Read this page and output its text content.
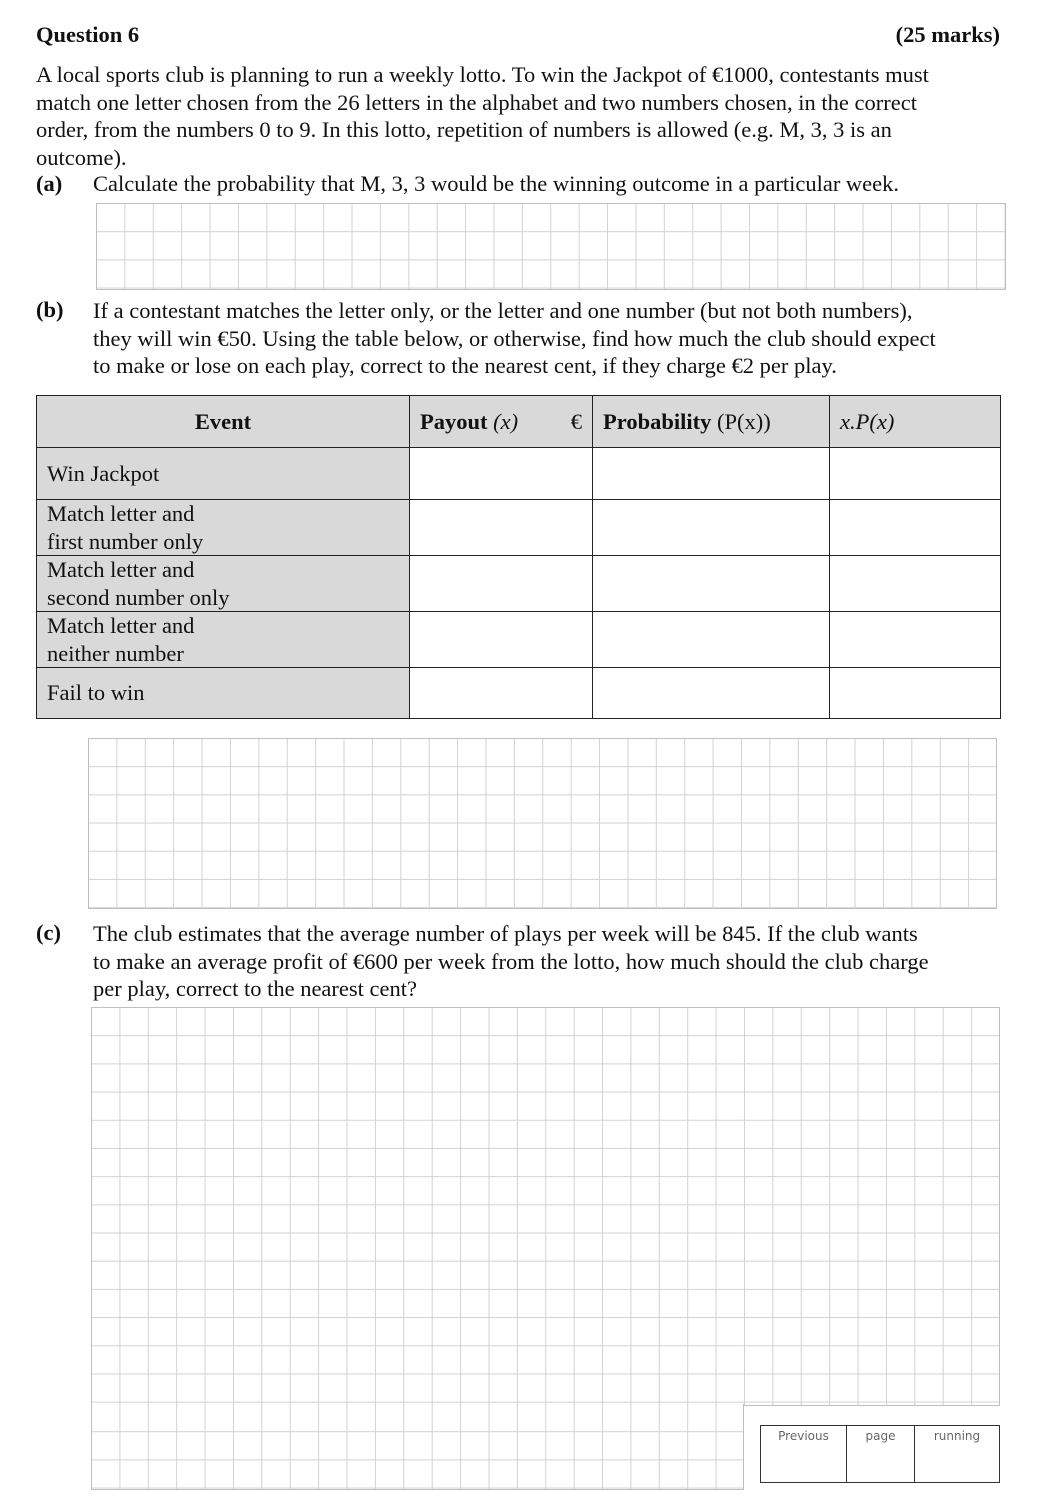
Question 6	(25 marks)
A local sports club is planning to run a weekly lotto. To win the Jackpot of €1000, contestants must
match one letter chosen from the 26 letters in the alphabet and two numbers chosen, in the correct
order, from the numbers 0 to 9. In this lotto, repetition of numbers is allowed (e.g. M, 3, 3 is an
outcome).
(a) Calculate the probability that M, 3, 3 would be the winning outcome in a particular week.
(b) If a contestant matches the letter only, or the letter and one number (but not both numbers),
they will win €50. Using the table below, or otherwise, find how much the club should expect
to make or lose on each play, correct to the nearest cent, if they charge €2 per play.
Event	Payout (x) €	Probability (P(x))	x.P(x)
Win Jackpot			

Match letter and
first number only			

Match letter and
second number only			

Match letter and
neither number			

Fail to win			
(c) The club estimates that the average number of plays per week will be 845. If the club wants
to make an average profit of €600 per week from the lotto, how much should the club charge
per play, correct to the nearest cent?
Previous	page	running
